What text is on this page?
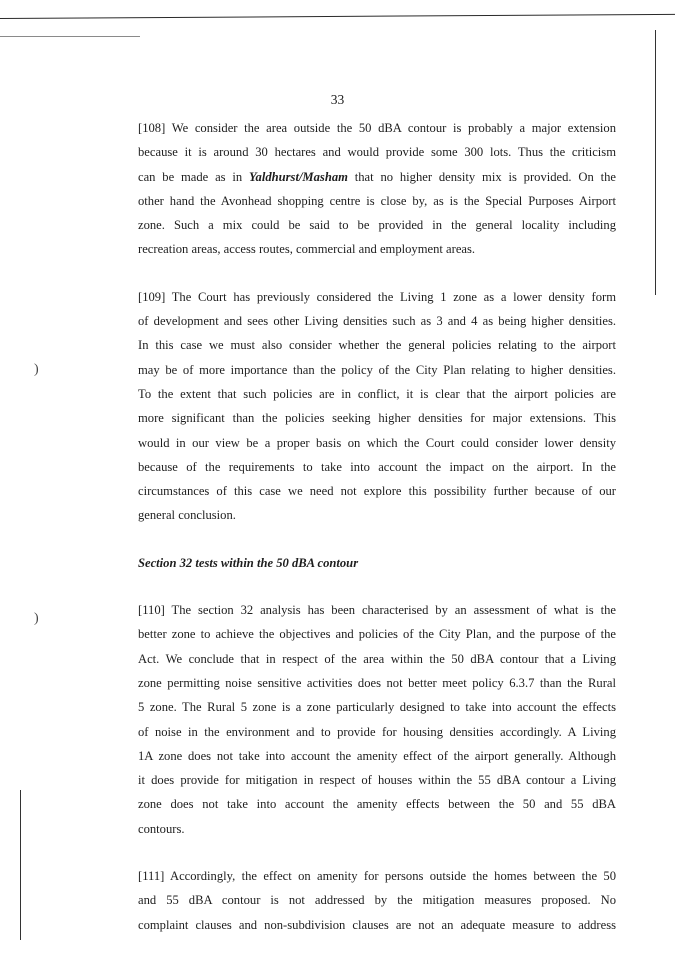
)
)
33
[108] We consider the area outside the 50 dBA contour is probably a major extension
because it is around 30 hectares and would provide some 300 lots. Thus the criticism
can be made as in Yaldhurst/Masham that no higher density mix is provided. On the
other hand the Avonhead shopping centre is close by, as is the Special Purposes Airport
zone. Such a mix could be said to be provided in the general locality including
recreation areas, access routes, commercial and employment areas.
[109] The Court has previously considered the Living 1 zone as a lower density form
of development and sees other Living densities such as 3 and 4 as being higher densities.
In this case we must also consider whether the general policies relating to the airport
may be of more importance than the policy of the City Plan relating to higher densities.
To the extent that such policies are in conflict, it is clear that the airport policies are
more significant than the policies seeking higher densities for major extensions. This
would in our view be a proper basis on which the Court could consider lower density
because of the requirements to take into account the impact on the airport. In the
circumstances of this case we need not explore this possibility further because of our
general conclusion.
Section 32 tests within the 50 dBA contour
[110] The section 32 analysis has been characterised by an assessment of what is the
better zone to achieve the objectives and policies of the City Plan, and the purpose of the
Act. We conclude that in respect of the area within the 50 dBA contour that a Living
zone permitting noise sensitive activities does not better meet policy 6.3.7 than the Rural
5 zone. The Rural 5 zone is a zone particularly designed to take into account the effects
of noise in the environment and to provide for housing densities accordingly. A Living
1A zone does not take into account the amenity effect of the airport generally. Although
it does provide for mitigation in respect of houses within the 55 dBA contour a Living
zone does not take into account the amenity effects between the 50 and 55 dBA
contours.
[111] Accordingly, the effect on amenity for persons outside the homes between the 50
and 55 dBA contour is not addressed by the mitigation measures proposed. No
complaint clauses and non-subdivision clauses are not an adequate measure to address
